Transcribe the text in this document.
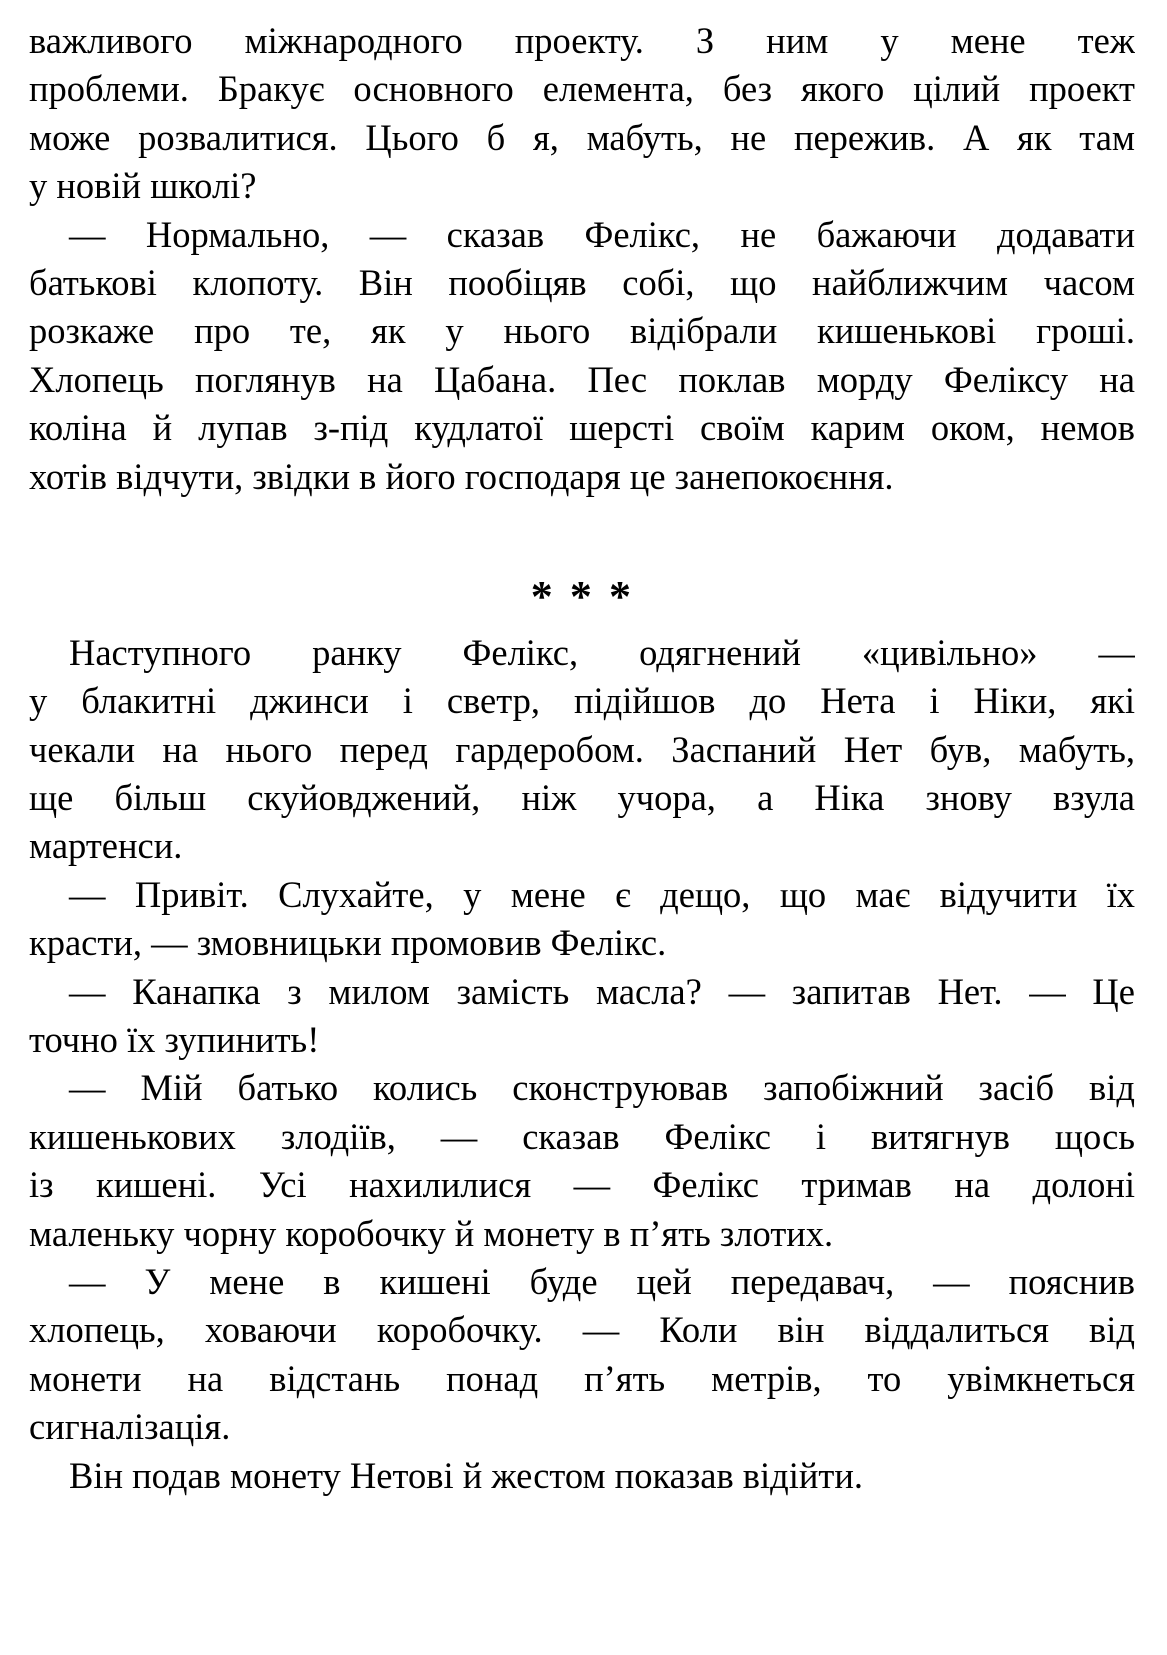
важливого міжнародного проекту. З ним у мене теж
проблеми. Бракує основного елемента, без якого цілий проект
може розвалитися. Цього б я, мабуть, не пережив. А як там
у новій школі?
— Нормально, — сказав Фелікс, не бажаючи додавати
батькові клопоту. Він пообіцяв собі, що найближчим часом
розкаже про те, як у нього відібрали кишенькові гроші.
Хлопець поглянув на Цабана. Пес поклав морду Феліксу на
коліна й лупав з-під кудлатої шерсті своїм карим оком, немов
хотів відчути, звідки в його господаря це занепокоєння.
* * *
Наступного ранку Фелікс, одягнений «цивільно» —
у блакитні джинси і светр, підійшов до Нета і Ніки, які
чекали на нього перед гардеробом. Заспаний Нет був, мабуть,
ще більш скуйовджений, ніж учора, а Ніка знову взула
мартенси.
— Привіт. Слухайте, у мене є дещо, що має відучити їх
красти, — змовницьки промовив Фелікс.
— Канапка з милом замість масла? — запитав Нет. — Це
точно їх зупинить!
— Мій батько колись сконструював запобіжний засіб від
кишенькових злодіїв, — сказав Фелікс і витягнув щось
із кишені. Усі нахилилися — Фелікс тримав на долоні
маленьку чорну коробочку й монету в п’ять злотих.
— У мене в кишені буде цей передавач, — пояснив
хлопець, ховаючи коробочку. — Коли він віддалиться від
монети на відстань понад п’ять метрів, то увімкнеться
сигналізація.
Він подав монету Нетові й жестом показав відійти.
